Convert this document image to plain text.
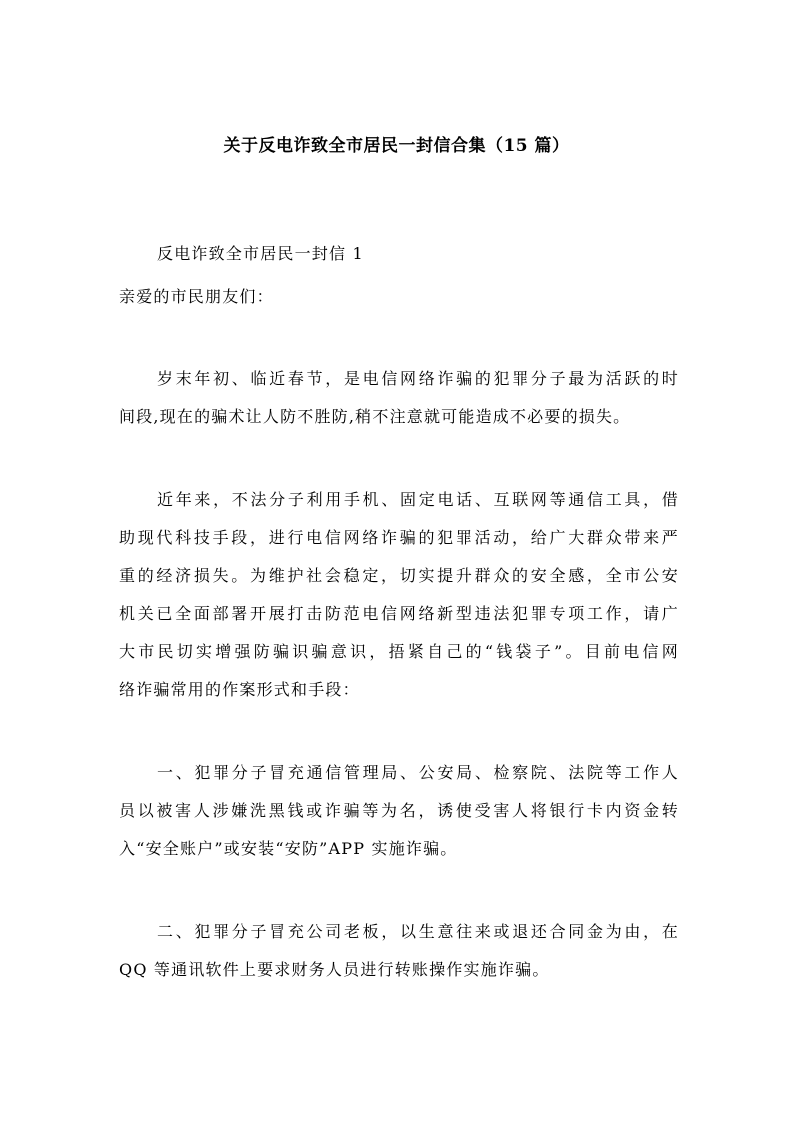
关于反电诈致全市居民一封信合集（15 篇）
反电诈致全市居民一封信 1
亲爱的市民朋友们：
岁末年初、临近春节，是电信网络诈骗的犯罪分子最为活跃的时
间段,现在的骗术让人防不胜防,稍不注意就可能造成不必要的损失。
近年来，不法分子利用手机、固定电话、互联网等通信工具，借
助现代科技手段，进行电信网络诈骗的犯罪活动，给广大群众带来严
重的经济损失。为维护社会稳定，切实提升群众的安全感，全市公安
机关已全面部署开展打击防范电信网络新型违法犯罪专项工作，请广
大市民切实增强防骗识骗意识，捂紧自己的“钱袋子”。目前电信网
络诈骗常用的作案形式和手段：
一、犯罪分子冒充通信管理局、公安局、检察院、法院等工作人
员以被害人涉嫌洗黑钱或诈骗等为名，诱使受害人将银行卡内资金转
入“安全账户”或安装“安防”APP 实施诈骗。
二、犯罪分子冒充公司老板，以生意往来或退还合同金为由，在
QQ 等通讯软件上要求财务人员进行转账操作实施诈骗。
